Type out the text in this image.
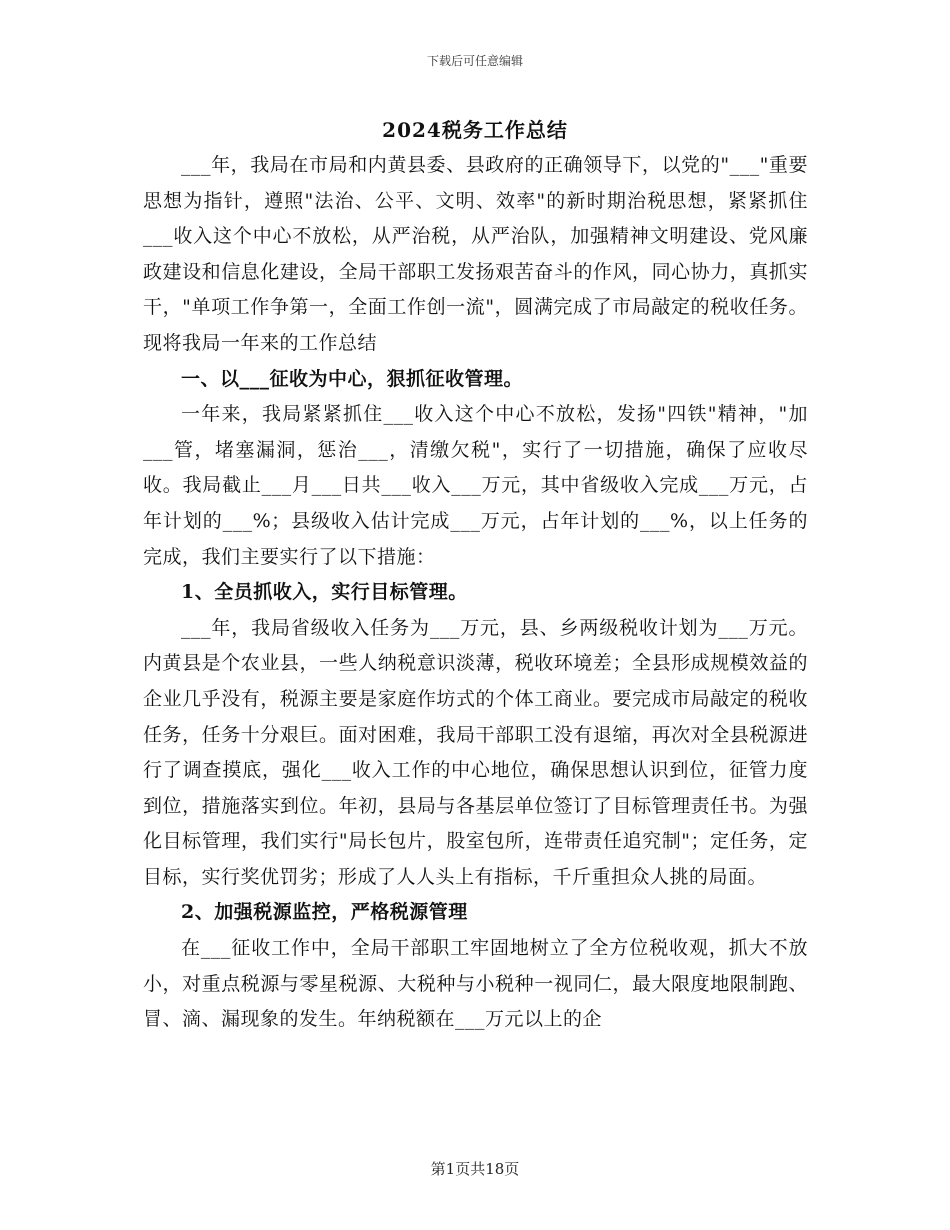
下载后可任意编辑
2024税务工作总结

___年，我局在市局和内黄县委、县政府的正确领导下，以党的"___"重要思想为指针，遵照"法治、公平、文明、效率"的新时期治税思想，紧紧抓住___收入这个中心不放松，从严治税，从严治队，加强精神文明建设、党风廉政建设和信息化建设，全局干部职工发扬艰苦奋斗的作风，同心协力，真抓实干，"单项工作争第一，全面工作创一流"，圆满完成了市局敲定的税收任务。现将我局一年来的工作总结

一、以___征收为中心，狠抓征收管理。

一年来，我局紧紧抓住___收入这个中心不放松，发扬"四铁"精神，"加___管，堵塞漏洞，惩治___，清缴欠税"，实行了一切措施，确保了应收尽收。我局截止___月___日共___收入___万元，其中省级收入完成___万元，占年计划的___%；县级收入估计完成___万元，占年计划的___%，以上任务的完成，我们主要实行了以下措施：

1、全员抓收入，实行目标管理。

___年，我局省级收入任务为___万元，县、乡两级税收计划为___万元。内黄县是个农业县，一些人纳税意识淡薄，税收环境差；全县形成规模效益的企业几乎没有，税源主要是家庭作坊式的个体工商业。要完成市局敲定的税收任务，任务十分艰巨。面对困难，我局干部职工没有退缩，再次对全县税源进行了调查摸底，强化___收入工作的中心地位，确保思想认识到位，征管力度到位，措施落实到位。年初，县局与各基层单位签订了目标管理责任书。为强化目标管理，我们实行"局长包片，股室包所，连带责任追究制"；定任务，定目标，实行奖优罚劣；形成了人人头上有指标，千斤重担众人挑的局面。

2、加强税源监控，严格税源管理

在___征收工作中，全局干部职工牢固地树立了全方位税收观，抓大不放小，对重点税源与零星税源、大税种与小税种一视同仁，最大限度地限制跑、冒、滴、漏现象的发生。年纳税额在___万元以上的企

第1页共18页
